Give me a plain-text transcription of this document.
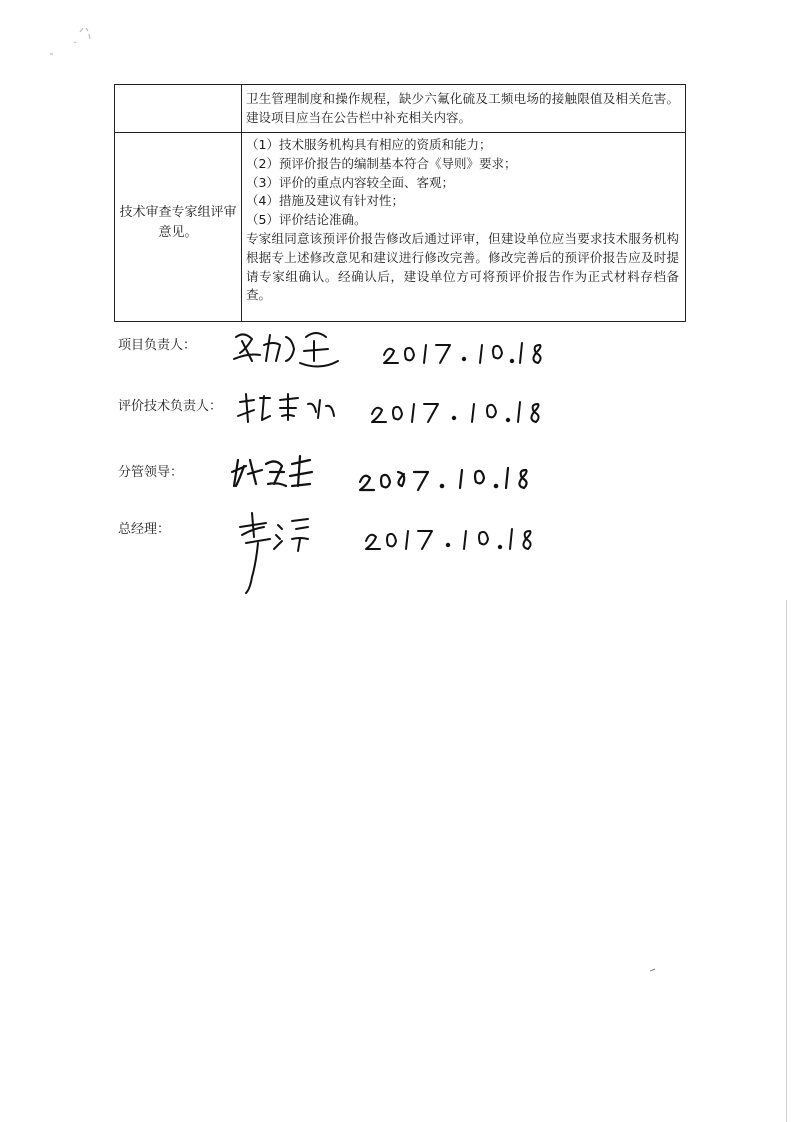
卫生管理制度和操作规程，缺少六氟化硫及工频电场的接触限值及相关危害。建设项目应当在公告栏中补充相关内容。
技术审查专家组评审意见。
（1）技术服务机构具有相应的资质和能力；
（2）预评价报告的编制基本符合《导则》要求；
（3）评价的重点内容较全面、客观；
（4）措施及建议有针对性；
（5）评价结论准确。
专家组同意该预评价报告修改后通过评审，但建设单位应当要求技术服务机构根据专上述修改意见和建议进行修改完善。修改完善后的预评价报告应及时提请专家组确认。经确认后，建设单位方可将预评价报告作为正式材料存档备查。
项目负责人：
评价技术负责人：
分管领导：
总经理：
